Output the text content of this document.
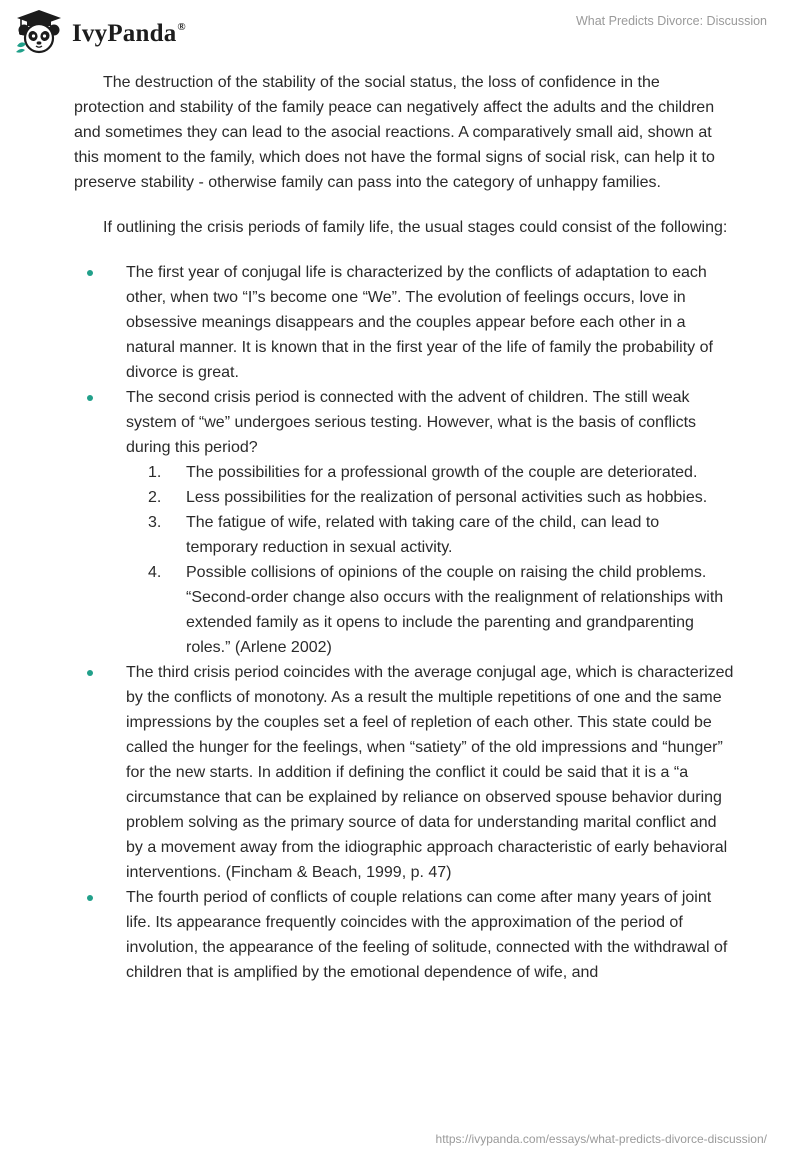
IvyPanda®	What Predicts Divorce: Discussion

The destruction of the stability of the social status, the loss of confidence in the protection and stability of the family peace can negatively affect the adults and the children and sometimes they can lead to the asocial reactions. A comparatively small aid, shown at this moment to the family, which does not have the formal signs of social risk, can help it to preserve stability - otherwise family can pass into the category of unhappy families.

If outlining the crisis periods of family life, the usual stages could consist of the following:

The first year of conjugal life is characterized by the conflicts of adaptation to each other, when two “I”s become one “We”. The evolution of feelings occurs, love in obsessive meanings disappears and the couples appear before each other in a natural manner. It is known that in the first year of the life of family the probability of divorce is great.
The second crisis period is connected with the advent of children. The still weak system of “we” undergoes serious testing. However, what is the basis of conflicts during this period?
1. The possibilities for a professional growth of the couple are deteriorated.
2. Less possibilities for the realization of personal activities such as hobbies.
3. The fatigue of wife, related with taking care of the child, can lead to temporary reduction in sexual activity.
4. Possible collisions of opinions of the couple on raising the child problems. “Second-order change also occurs with the realignment of relationships with extended family as it opens to include the parenting and grandparenting roles.” (Arlene 2002)
The third crisis period coincides with the average conjugal age, which is characterized by the conflicts of monotony. As a result the multiple repetitions of one and the same impressions by the couples set a feel of repletion of each other. This state could be called the hunger for the feelings, when “satiety” of the old impressions and “hunger” for the new starts. In addition if defining the conflict it could be said that it is a “a circumstance that can be explained by reliance on observed spouse behavior during problem solving as the primary source of data for understanding marital conflict and by a movement away from the idiographic approach characteristic of early behavioral interventions. (Fincham & Beach, 1999, p. 47)
The fourth period of conflicts of couple relations can come after many years of joint life. Its appearance frequently coincides with the approximation of the period of involution, the appearance of the feeling of solitude, connected with the withdrawal of children that is amplified by the emotional dependence of wife, and
https://ivypanda.com/essays/what-predicts-divorce-discussion/
